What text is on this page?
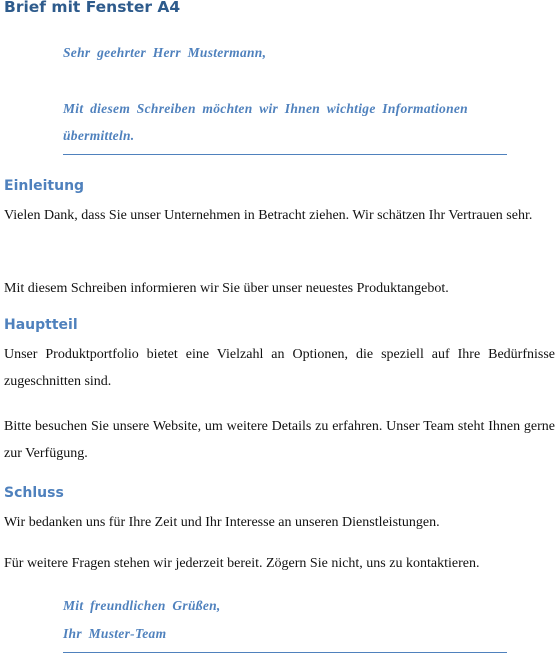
Brief mit Fenster A4
Sehr geehrter Herr Mustermann,
Mit diesem Schreiben möchten wir Ihnen wichtige Informationen übermitteln.
Einleitung
Vielen Dank, dass Sie unser Unternehmen in Betracht ziehen. Wir schätzen Ihr Vertrauen sehr.
Mit diesem Schreiben informieren wir Sie über unser neuestes Produktangebot.
Hauptteil
Unser Produktportfolio bietet eine Vielzahl an Optionen, die speziell auf Ihre Bedürfnisse zugeschnitten sind.
Bitte besuchen Sie unsere Website, um weitere Details zu erfahren. Unser Team steht Ihnen gerne zur Verfügung.
Schluss
Wir bedanken uns für Ihre Zeit und Ihr Interesse an unseren Dienstleistungen.
Für weitere Fragen stehen wir jederzeit bereit. Zögern Sie nicht, uns zu kontaktieren.
Mit freundlichen Grüßen,
Ihr Muster-Team
